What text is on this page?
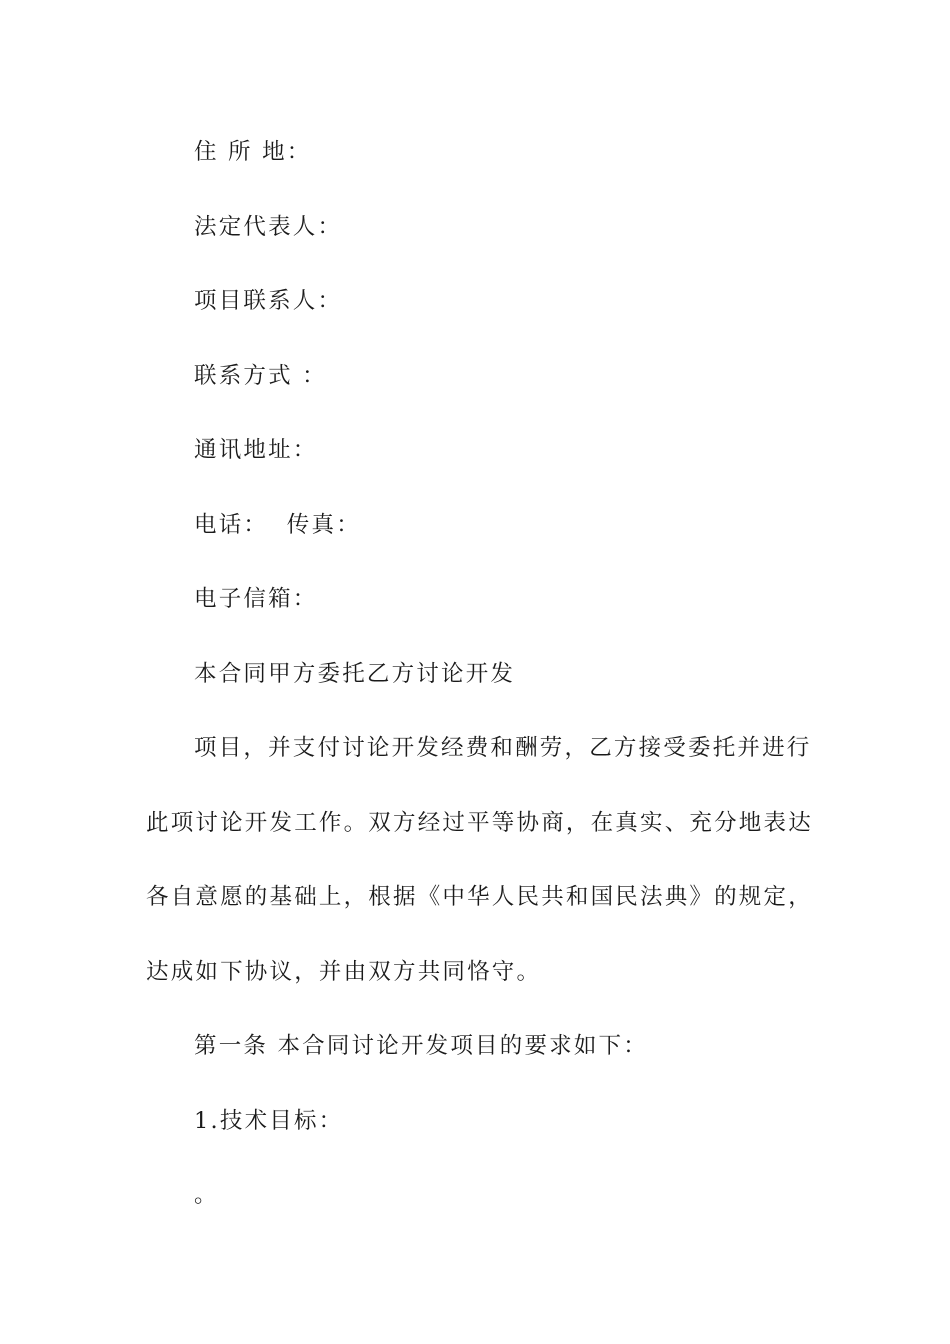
住 所 地：

法定代表人：

项目联系人：

联系方式 ：

通讯地址：

电话：  传真：

电子信箱：

本合同甲方委托乙方讨论开发

项目，并支付讨论开发经费和酬劳，乙方接受委托并进行

此项讨论开发工作。双方经过平等协商，在真实、充分地表达

各自意愿的基础上，根据《中华人民共和国民法典》的规定，

达成如下协议，并由双方共同恪守。

第一条 本合同讨论开发项目的要求如下：

1.技术目标：

。
